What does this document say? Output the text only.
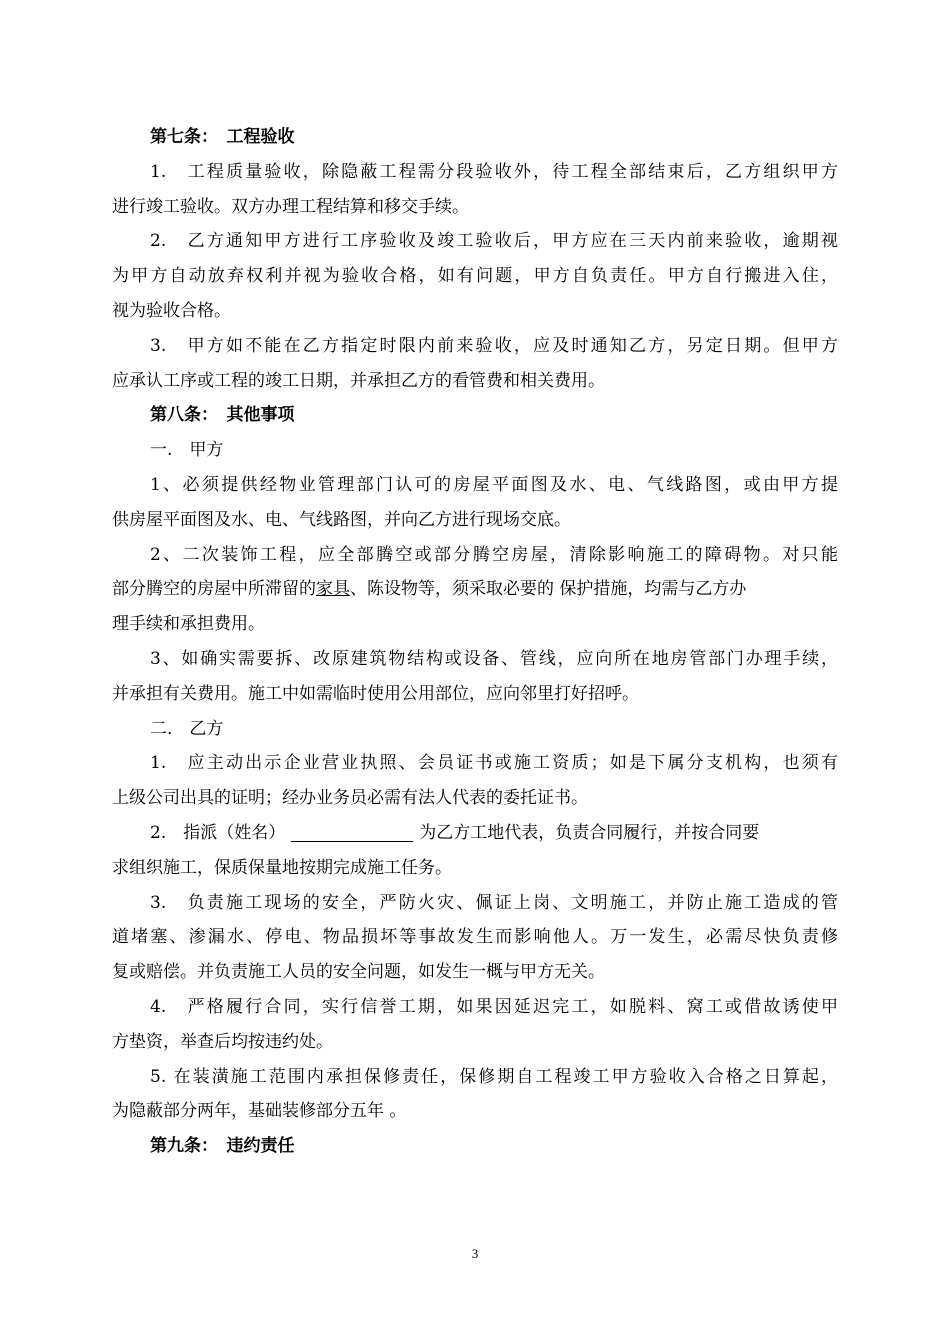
第七条：　工程验收
1.　工程质量验收，除隐蔽工程需分段验收外，待工程全部结束后，乙方组织甲方
进行竣工验收。双方办理工程结算和移交手续。
2.　乙方通知甲方进行工序验收及竣工验收后，甲方应在三天内前来验收，逾期视
为甲方自动放弃权利并视为验收合格，如有问题，甲方自负责任。甲方自行搬进入住，
视为验收合格。
3.　甲方如不能在乙方指定时限内前来验收，应及时通知乙方，另定日期。但甲方
应承认工序或工程的竣工日期，并承担乙方的看管费和相关费用。
第八条：　其他事项
一.　甲方
1、必须提供经物业管理部门认可的房屋平面图及水、电、气线路图，或由甲方提
供房屋平面图及水、电、气线路图，并向乙方进行现场交底。
2、二次装饰工程，应全部腾空或部分腾空房屋，清除影响施工的障碍物。对只能
部分腾空的房屋中所滞留的家具、陈设物等，须采取必要的 保护措施，均需与乙方办
理手续和承担费用。
3、如确实需要拆、改原建筑物结构或设备、管线，应向所在地房管部门办理手续，
并承担有关费用。施工中如需临时使用公用部位，应向邻里打好招呼。
二.　乙方
1.　应主动出示企业营业执照、会员证书或施工资质；如是下属分支机构，也须有
上级公司出具的证明；经办业务员必需有法人代表的委托证书。
2.　指派（姓名）	为乙方工地代表，负责合同履行，并按合同要
求组织施工，保质保量地按期完成施工任务。
3.　负责施工现场的安全，严防火灾、佩证上岗、文明施工，并防止施工造成的管
道堵塞、渗漏水、停电、物品损坏等事故发生而影响他人。万一发生，必需尽快负责修
复或赔偿。并负责施工人员的安全问题，如发生一概与甲方无关。
4.　严格履行合同，实行信誉工期，如果因延迟完工，如脱料、窝工或借故诱使甲
方垫资，举查后均按违约处。
5. 在装潢施工范围内承担保修责任，保修期自工程竣工甲方验收入合格之日算起，
为隐蔽部分两年，基础装修部分五年 。
第九条：　违约责任
3
